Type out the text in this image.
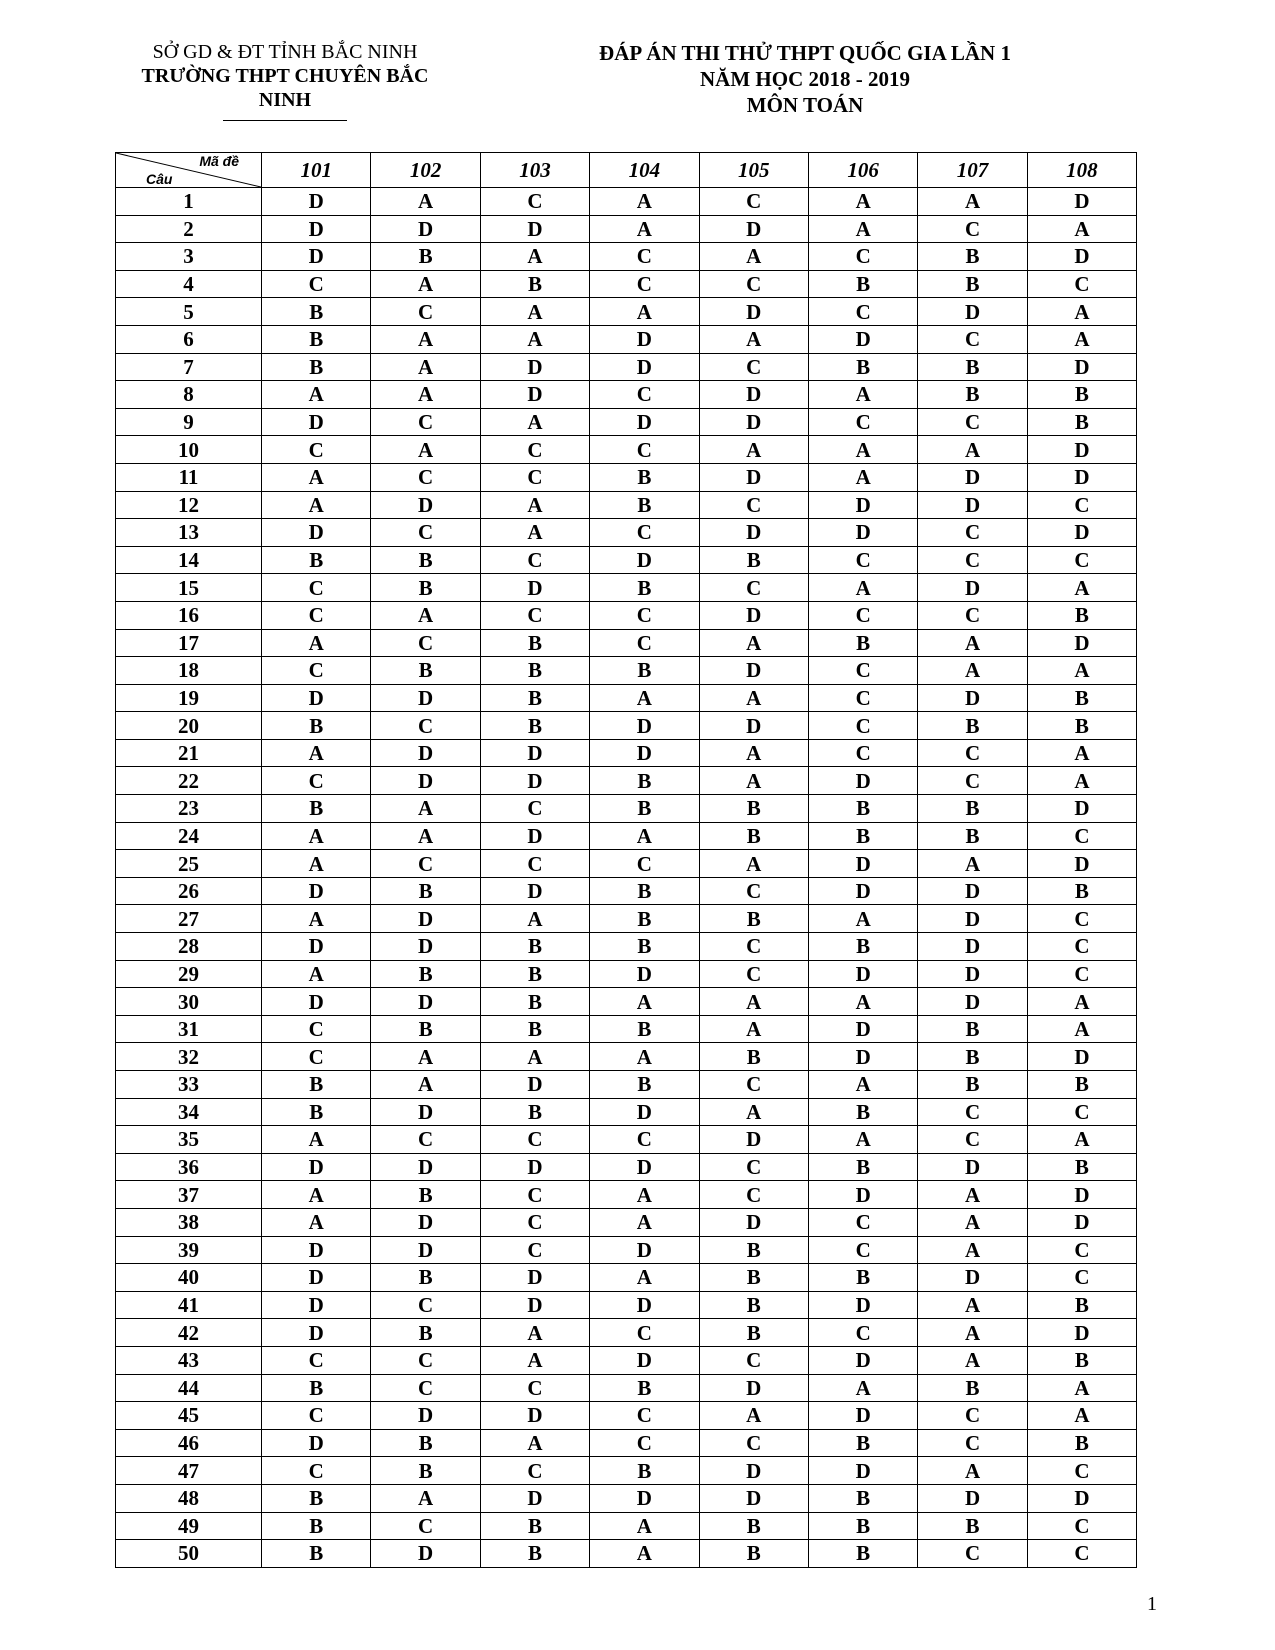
SỞ GD & ĐT TỈNH BẮC NINH
TRƯỜNG THPT CHUYÊN BẮC
NINH
ĐÁP ÁN THI THỬ THPT QUỐC GIA LẦN 1
NĂM HỌC 2018 - 2019
MÔN TOÁN
Mã đề
Câu	101	102	103	104	105	106	107	108
1	D	A	C	A	C	A	A	D
2	D	D	D	A	D	A	C	A
3	D	B	A	C	A	C	B	D
4	C	A	B	C	C	B	B	C
5	B	C	A	A	D	C	D	A
6	B	A	A	D	A	D	C	A
7	B	A	D	D	C	B	B	D
8	A	A	D	C	D	A	B	B
9	D	C	A	D	D	C	C	B
10	C	A	C	C	A	A	A	D
11	A	C	C	B	D	A	D	D
12	A	D	A	B	C	D	D	C
13	D	C	A	C	D	D	C	D
14	B	B	C	D	B	C	C	C
15	C	B	D	B	C	A	D	A
16	C	A	C	C	D	C	C	B
17	A	C	B	C	A	B	A	D
18	C	B	B	B	D	C	A	A
19	D	D	B	A	A	C	D	B
20	B	C	B	D	D	C	B	B
21	A	D	D	D	A	C	C	A
22	C	D	D	B	A	D	C	A
23	B	A	C	B	B	B	B	D
24	A	A	D	A	B	B	B	C
25	A	C	C	C	A	D	A	D
26	D	B	D	B	C	D	D	B
27	A	D	A	B	B	A	D	C
28	D	D	B	B	C	B	D	C
29	A	B	B	D	C	D	D	C
30	D	D	B	A	A	A	D	A
31	C	B	B	B	A	D	B	A
32	C	A	A	A	B	D	B	D
33	B	A	D	B	C	A	B	B
34	B	D	B	D	A	B	C	C
35	A	C	C	C	D	A	C	A
36	D	D	D	D	C	B	D	B
37	A	B	C	A	C	D	A	D
38	A	D	C	A	D	C	A	D
39	D	D	C	D	B	C	A	C
40	D	B	D	A	B	B	D	C
41	D	C	D	D	B	D	A	B
42	D	B	A	C	B	C	A	D
43	C	C	A	D	C	D	A	B
44	B	C	C	B	D	A	B	A
45	C	D	D	C	A	D	C	A
46	D	B	A	C	C	B	C	B
47	C	B	C	B	D	D	A	C
48	B	A	D	D	D	B	D	D
49	B	C	B	A	B	B	B	C
50	B	D	B	A	B	B	C	C
1
